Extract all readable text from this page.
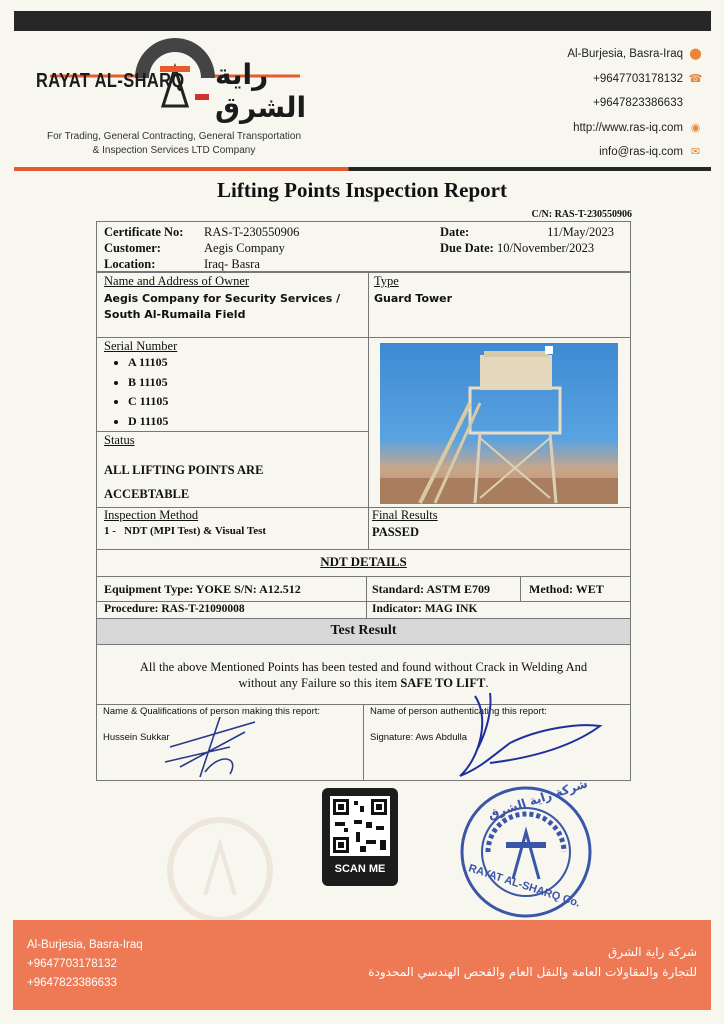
RAYAT AL-SHARQ راية الشرق
For Trading, General Contracting, General Transportation
& Inspection Services LTD Company
Al-Burjesia, Basra-Iraq ⬤
+9647703178132 ☎
+9647823386633
http://www.ras-iq.com ◉
info@ras-iq.com ✉
Lifting Points Inspection Report
C/N: RAS-T-230550906
Certificate No: RAS-T-230550906
Customer:	Aegis Company
Location:	Iraq- Basra
Date:	11/May/2023
Due Date: 10/November/2023
Name and Address of Owner
Aegis Company for Security Services /
South Al-Rumaila Field
Type
Guard Tower
Serial Number
• A 11105
• B 11105
• C 11105
• D 11105
Status
ALL LIFTING POINTS ARE
ACCEBTABLE
Inspection Method
1 -   NDT (MPI Test) & Visual Test
Final Results
PASSED
NDT DETAILS
Equipment Type: YOKE S/N: A12.512	Standard: ASTM E709	Method: WET
Procedure: RAS-T-21090008	Indicator: MAG INK
Test Result
All the above Mentioned Points has been tested and found without Crack in Welding And
without any Failure so this item SAFE TO LIFT.
Name & Qualifications of person making this report:
Hussein Sukkar
Name of person authenticating this report:
Signature: Aws Abdulla
SCAN ME
شركة راية الشرق
RAYAT AL-SHARQ Co.
Al-Burjesia, Basra-Iraq
+9647703178132
+9647823386633
شركة راية الشرق
للتجارة والمقاولات العامة والنقل العام والفحص الهندسي المحدودة
